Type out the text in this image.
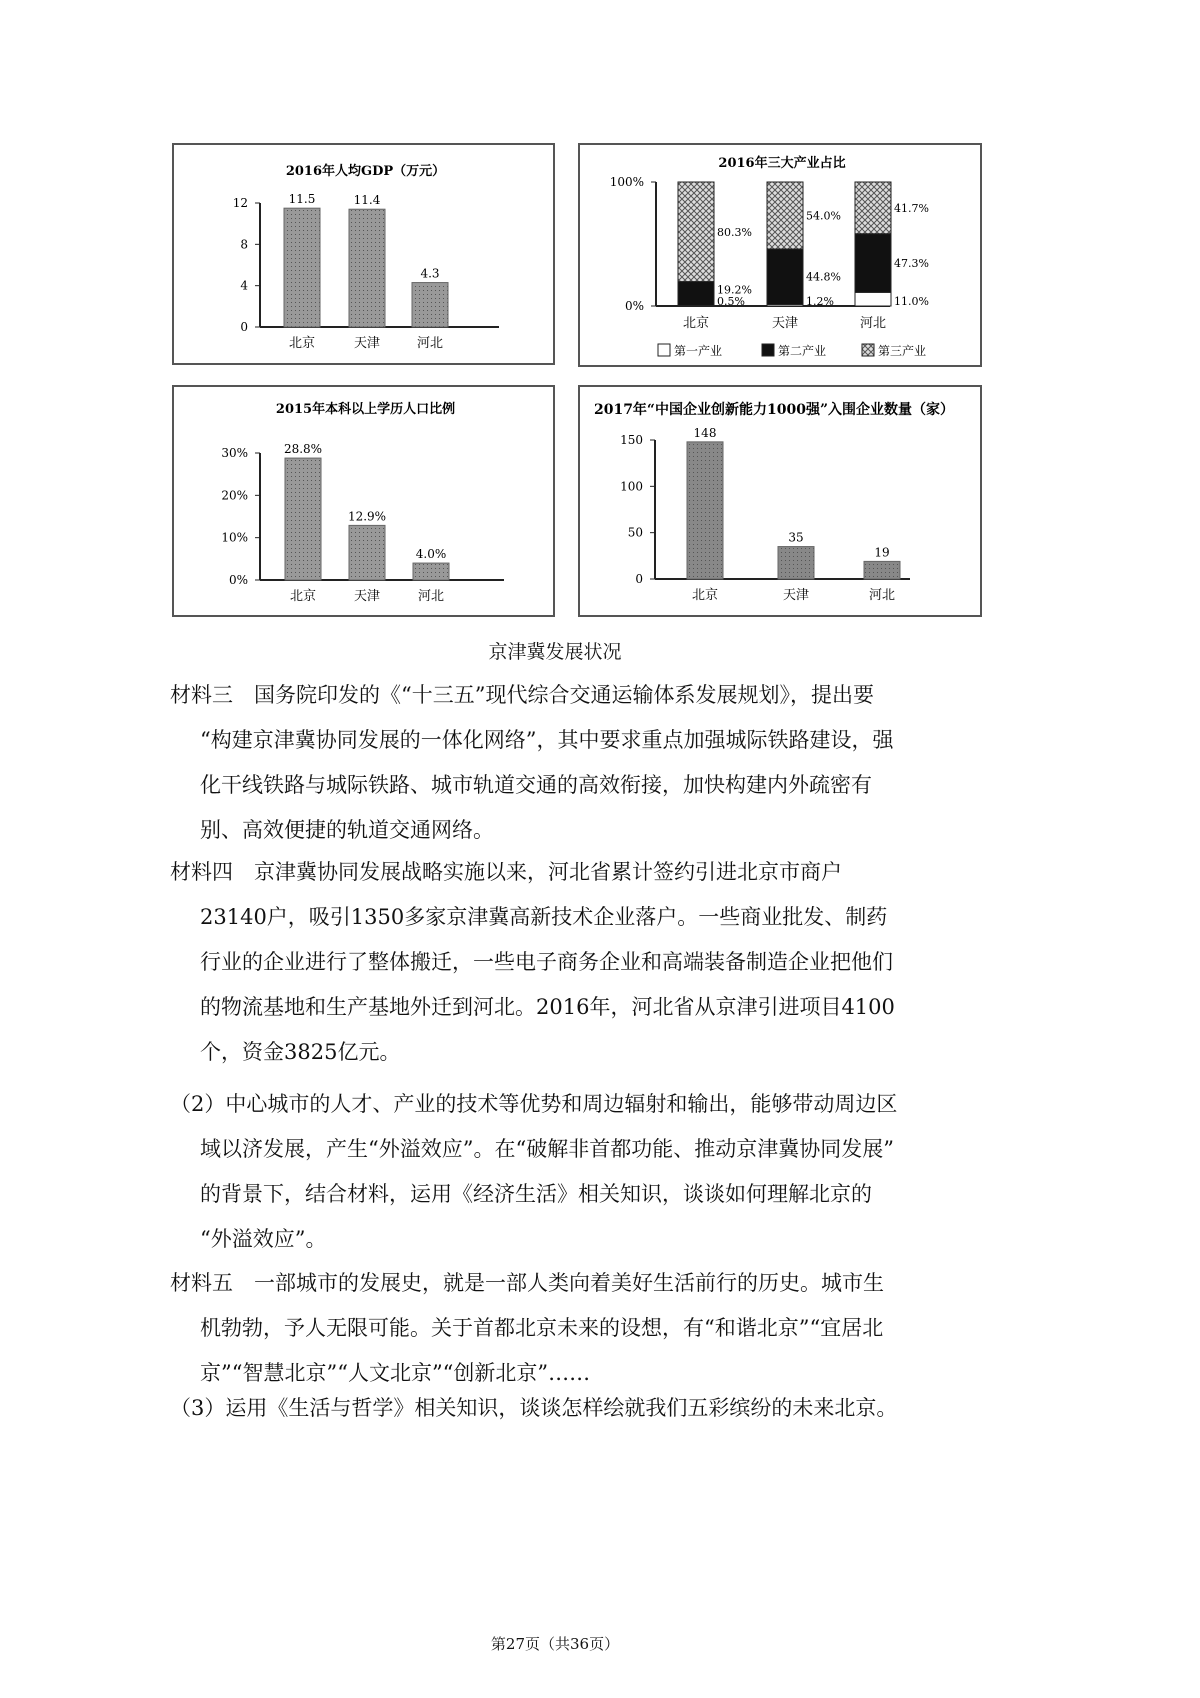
2016年人均GDP（万元）
0
4
8
12
北京
11.5
天津
11.4
河北
4.3
2016年三大产业占比
0%
100%
北京
0.5%
19.2%
80.3%
天津
1.2%
44.8%
54.0%
河北
11.0%
47.3%
41.7%
第一产业	第二产业	第三产业
2015年本科以上学历人口比例
0%
10%
20%
30%
北京
28.8%
天津
12.9%
河北
4.0%
2017年“中国企业创新能力1000强”入围企业数量（家）
0
50
100
150
北京
148
天津
35
河北
19
京津冀发展状况
材料三　国务院印发的《“十三五”现代综合交通运输体系发展规划》，提出要
“构建京津冀协同发展的一体化网络”，其中要求重点加强城际铁路建设，强
化干线铁路与城际铁路、城市轨道交通的高效衔接，加快构建内外疏密有
别、高效便捷的轨道交通网络。
材料四　京津冀协同发展战略实施以来，河北省累计签约引进北京市商户
23140户，吸引1350多家京津冀高新技术企业落户。一些商业批发、制药
行业的企业进行了整体搬迁，一些电子商务企业和高端装备制造企业把他们
的物流基地和生产基地外迁到河北。2016年，河北省从京津引进项目4100
个，资金3825亿元。
（2）中心城市的人才、产业的技术等优势和周边辐射和输出，能够带动周边区
域以济发展，产生“外溢效应”。在“破解非首都功能、推动京津冀协同发展”
的背景下，结合材料，运用《经济生活》相关知识，谈谈如何理解北京的
“外溢效应”。
材料五　一部城市的发展史，就是一部人类向着美好生活前行的历史。城市生
机勃勃，予人无限可能。关于首都北京未来的设想，有“和谐北京”“宜居北
京”“智慧北京”“人文北京”“创新北京”……
（3）运用《生活与哲学》相关知识，谈谈怎样绘就我们五彩缤纷的未来北京。
第27页（共36页）
